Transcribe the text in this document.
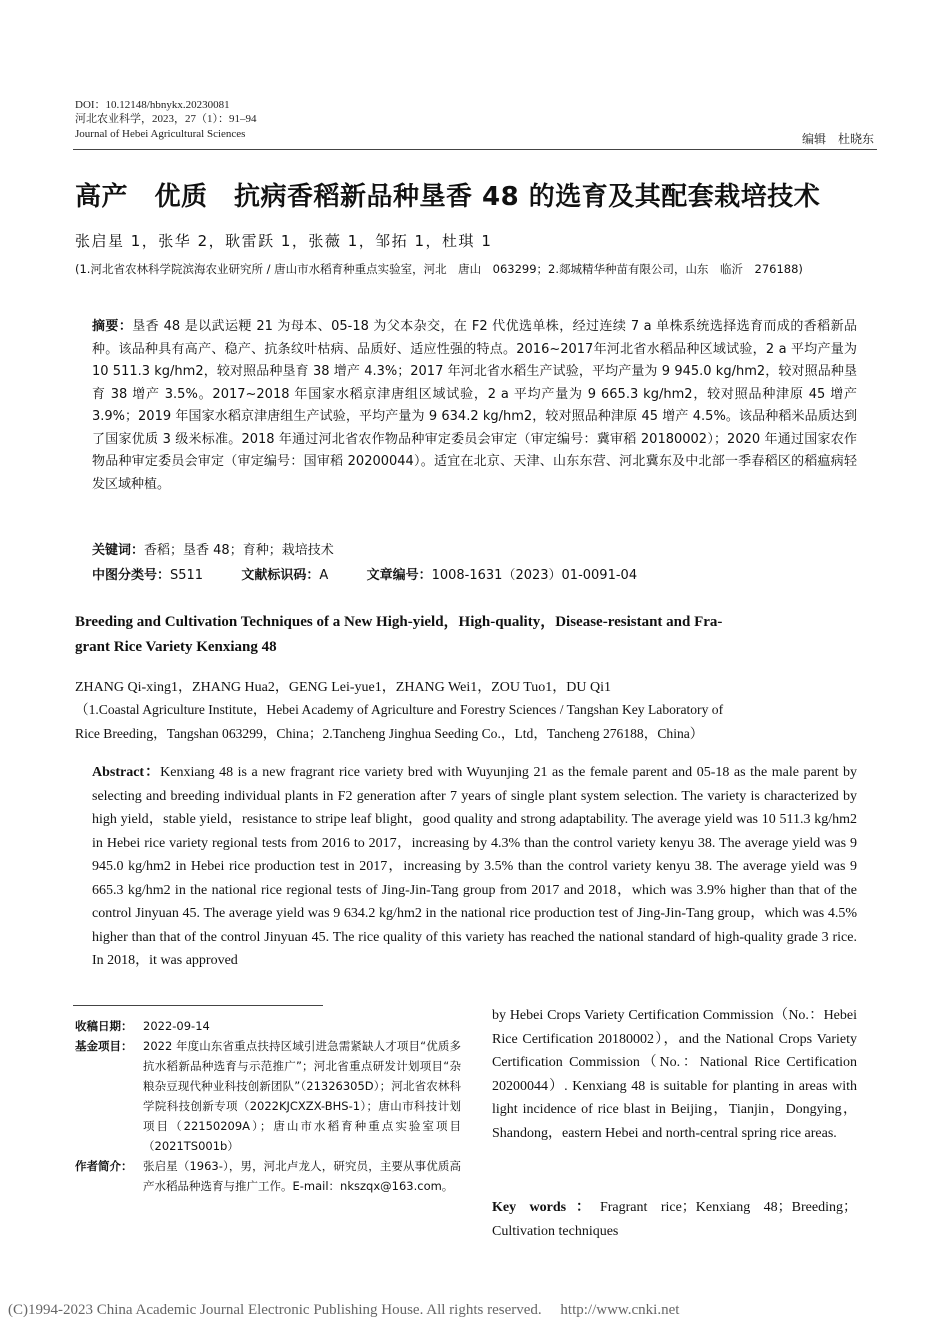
DOI：10.12148/hbnykx.20230081
河北农业科学，2023，27（1）：91–94
Journal of Hebei Agricultural Sciences	编辑　杜晓东
高产　优质　抗病香稻新品种垦香 48 的选育及其配套栽培技术
张启星 1，张华 2，耿雷跃 1，张薇 1，邹拓 1，杜琪 1
(1.河北省农林科学院滨海农业研究所 / 唐山市水稻育种重点实验室，河北　唐山　063299；2.郯城精华种苗有限公司，山东　临沂　276188)
摘要：垦香 48 是以武运粳 21 为母本、05-18 为父本杂交，在 F2 代优选单株，经过连续 7 a 单株系统选择选育而成的香稻新品种。该品种具有高产、稳产、抗条纹叶枯病、品质好、适应性强的特点。2016~2017年河北省水稻品种区域试验，2 a 平均产量为 10 511.3 kg/hm2，较对照品种垦育 38 增产 4.3%；2017 年河北省水稻生产试验，平均产量为 9 945.0 kg/hm2，较对照品种垦育 38 增产 3.5%。2017~2018 年国家水稻京津唐组区域试验，2 a 平均产量为 9 665.3 kg/hm2，较对照品种津原 45 增产 3.9%；2019 年国家水稻京津唐组生产试验，平均产量为 9 634.2 kg/hm2，较对照品种津原 45 增产 4.5%。该品种稻米品质达到了国家优质 3 级米标准。2018 年通过河北省农作物品种审定委员会审定（审定编号：冀审稻 20180002）；2020 年通过国家农作物品种审定委员会审定（审定编号：国审稻 20200044）。适宜在北京、天津、山东东营、河北冀东及中北部一季春稻区的稻瘟病轻发区域种植。
关键词：香稻；垦香 48；育种；栽培技术
中图分类号：S511	文献标识码：A	文章编号：1008-1631（2023）01-0091-04
Breeding and Cultivation Techniques of a New High-yield，High-quality，Disease-resistant and Fra-
grant Rice Variety Kenxiang 48
ZHANG Qi-xing1，ZHANG Hua2，GENG Lei-yue1，ZHANG Wei1，ZOU Tuo1，DU Qi1
（1.Coastal Agriculture Institute，Hebei Academy of Agriculture and Forestry Sciences / Tangshan Key Laboratory of
Rice Breeding，Tangshan 063299，China；2.Tancheng Jinghua Seeding Co.，Ltd，Tancheng 276188，China）
Abstract：Kenxiang 48 is a new fragrant rice variety bred with Wuyunjing 21 as the female parent and 05-18 as the male parent by selecting and breeding individual plants in F2 generation after 7 years of single plant system selection. The variety is characterized by high yield，stable yield，resistance to stripe leaf blight，good quality and strong adaptability. The average yield was 10 511.3 kg/hm2 in Hebei rice variety regional tests from 2016 to 2017，increasing by 4.3% than the control variety kenyu 38. The average yield was 9 945.0 kg/hm2 in Hebei rice production test in 2017，increasing by 3.5% than the control variety kenyu 38. The average yield was 9 665.3 kg/hm2 in the national rice regional tests of Jing-Jin-Tang group from 2017 and 2018，which was 3.9% higher than that of the control Jinyuan 45. The average yield was 9 634.2 kg/hm2 in the national rice production test of Jing-Jin-Tang group，which was 4.5% higher than that of the control Jinyuan 45. The rice quality of this variety has reached the national standard of high-quality grade 3 rice. In 2018，it was approved
收稿日期： 2022-09-14
基金项目： 2022 年度山东省重点扶持区域引进急需紧缺人才项目“优质多抗水稻新品种选育与示范推广”；河北省重点研发计划项目“杂粮杂豆现代种业科技创新团队”（21326305D）；河北省农林科学院科技创新专项（2022KJCXZX-BHS-1）；唐山市科技计划项目（22150209A）；唐山市水稻育种重点实验室项目（2021TS001b）
作者简介： 张启星（1963-），男，河北卢龙人，研究员，主要从事优质高产水稻品种选育与推广工作。E-mail：nkszqx@163.com。
by Hebei Crops Variety Certification Commission（No.：Hebei Rice Certification 20180002），and the National Crops Variety Certification Commission（No.：National Rice Certification 20200044）. Kenxiang 48 is suitable for planting in areas with light incidence of rice blast in Beijing，Tianjin，Dongying，Shandong，eastern Hebei and north-central spring rice areas.
Key words：Fragrant rice；Kenxiang 48；Breeding；Cultivation techniques
(C)1994-2023 China Academic Journal Electronic Publishing House. All rights reserved.　 http://www.cnki.net
